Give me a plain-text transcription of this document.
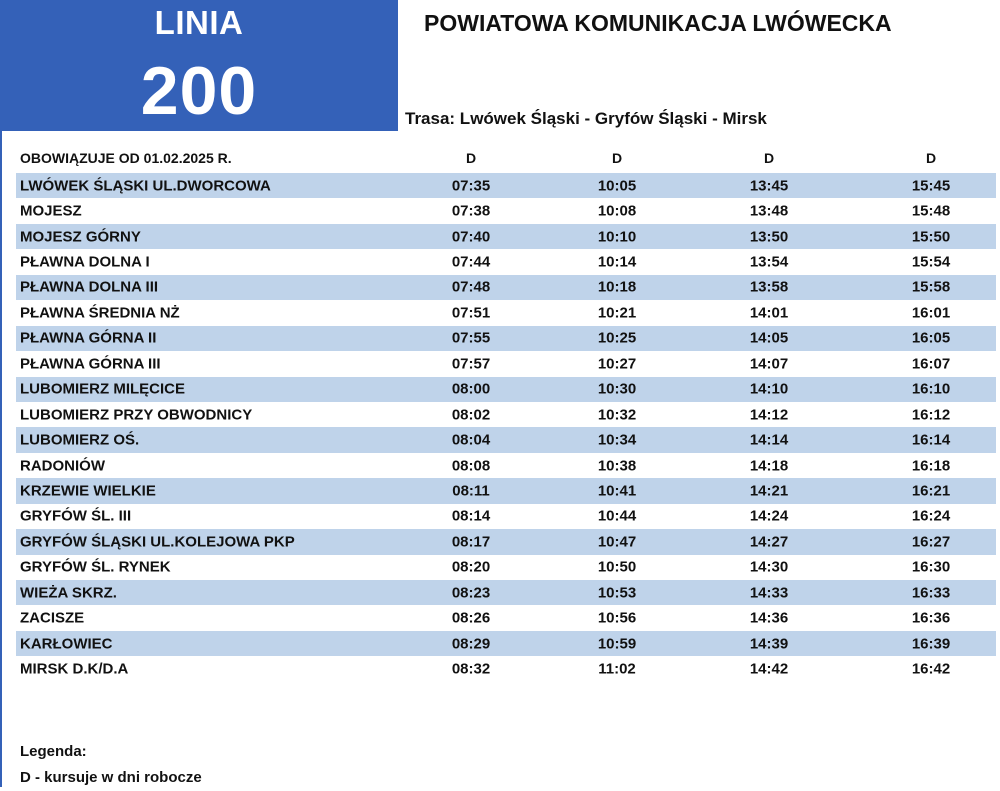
LINIA
200
POWIATOWA KOMUNIKACJA LWÓWECKA
Trasa: Lwówek Śląski - Gryfów Śląski - Mirsk
OBOWIĄZUJE OD 01.02.2025 R.	D	D	D	D
LWÓWEK ŚLĄSKI UL.DWORCOWA	07:35	10:05	13:45	15:45
MOJESZ	07:38	10:08	13:48	15:48
MOJESZ GÓRNY	07:40	10:10	13:50	15:50
PŁAWNA DOLNA I	07:44	10:14	13:54	15:54
PŁAWNA DOLNA III	07:48	10:18	13:58	15:58
PŁAWNA ŚREDNIA NŻ	07:51	10:21	14:01	16:01
PŁAWNA GÓRNA II	07:55	10:25	14:05	16:05
PŁAWNA GÓRNA III	07:57	10:27	14:07	16:07
LUBOMIERZ MILĘCICE	08:00	10:30	14:10	16:10
LUBOMIERZ PRZY OBWODNICY	08:02	10:32	14:12	16:12
LUBOMIERZ OŚ.	08:04	10:34	14:14	16:14
RADONIÓW	08:08	10:38	14:18	16:18
KRZEWIE WIELKIE	08:11	10:41	14:21	16:21
GRYFÓW ŚL. III	08:14	10:44	14:24	16:24
GRYFÓW ŚLĄSKI UL.KOLEJOWA PKP	08:17	10:47	14:27	16:27
GRYFÓW ŚL. RYNEK	08:20	10:50	14:30	16:30
WIEŻA SKRZ.	08:23	10:53	14:33	16:33
ZACISZE	08:26	10:56	14:36	16:36
KARŁOWIEC	08:29	10:59	14:39	16:39
MIRSK D.K/D.A	08:32	11:02	14:42	16:42
Legenda:
D - kursuje w dni robocze
